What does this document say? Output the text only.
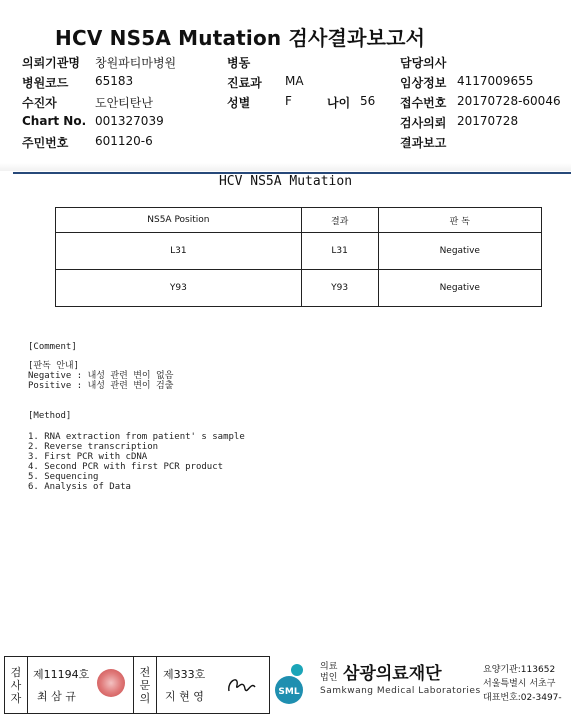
HCV NS5A Mutation 검사결과보고서
의뢰기관명 창원파티마병원	병동	담당의사
병원코드 65183	진료과 MA	임상정보 4117009655
수진자	도안티탄난	성별	F	나이 56 접수번호 20170728-60046
Chart No. 001327039	검사의뢰 20170728
주민번호 601120-6	결과보고
HCV NS5A Mutation
NS5A Position	결과	판 독
L31	L31	Negative
Y93	Y93	Negative
[Comment]
[판독 안내]
Negative : 내성 관련 변이 없음
Positive : 내성 관련 변이 검출
[Method]
1. RNA extraction from patient' s sample
2. Reverse transcription
3. First PCR with cDNA
4. Second PCR with first PCR product
5. Sequencing
6. Analysis of Data
검
사
자
제11194호
최 삼 규
전
문
의
제333호
지 현 영	SML
의료
법인 삼광의료재단
Samkwang Medical Laboratories
요양기관:113652
서울특별시 서초구
대표번호:02-3497-
